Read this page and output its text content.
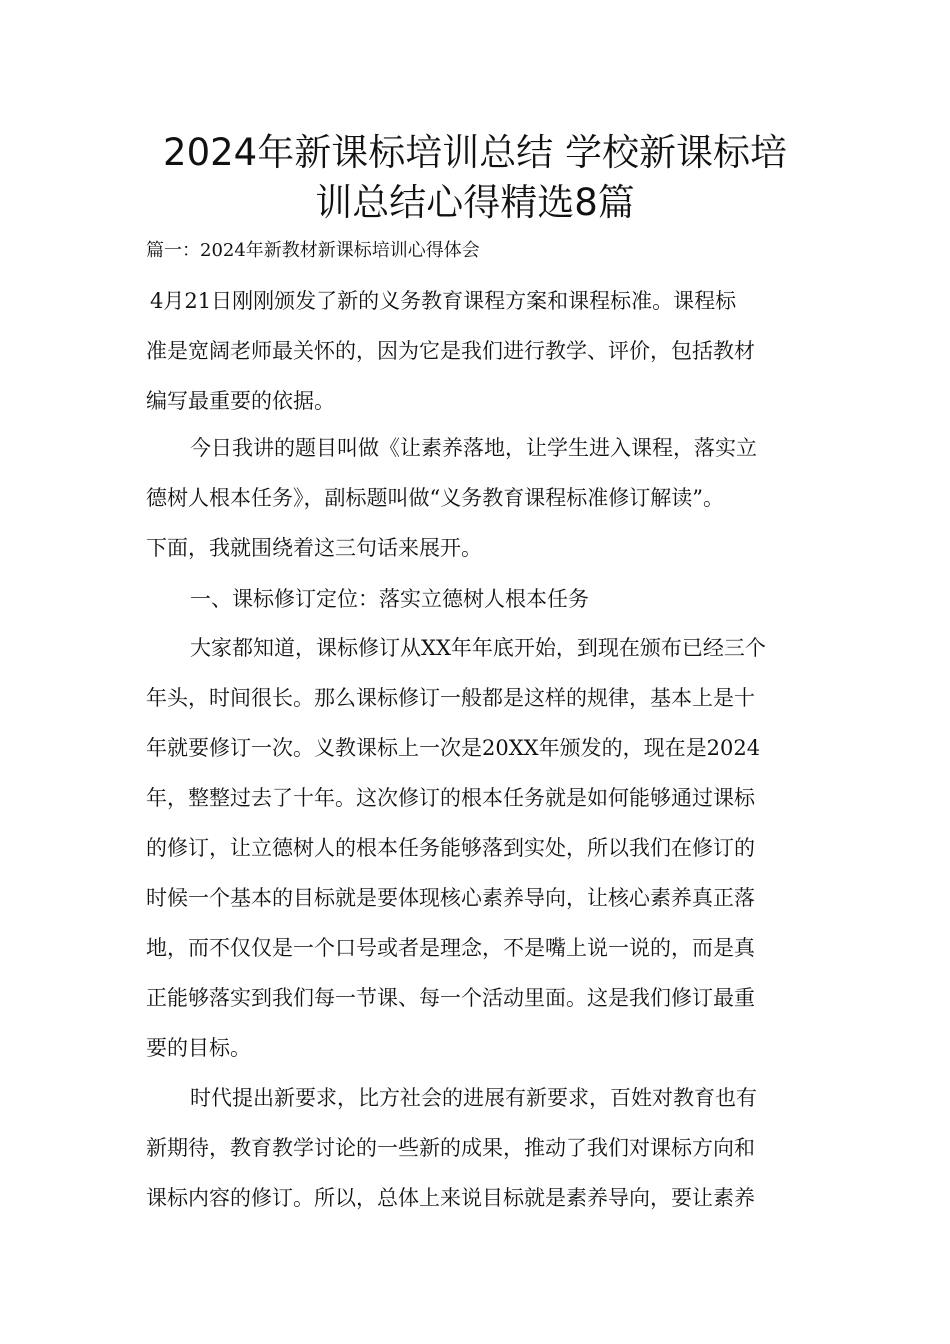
2024年新课标培训总结 学校新课标培
训总结心得精选8篇
篇一：2024年新教材新课标培训心得体会
4月21日刚刚颁发了新的义务教育课程方案和课程标准。课程标
准是宽阔老师最关怀的，因为它是我们进行教学、评价，包括教材
编写最重要的依据。
今日我讲的题目叫做《让素养落地，让学生进入课程，落实立
德树人根本任务》，副标题叫做“义务教育课程标准修订解读”。
下面，我就围绕着这三句话来展开。
一、课标修订定位：落实立德树人根本任务
大家都知道，课标修订从XX年年底开始，到现在颁布已经三个
年头，时间很长。那么课标修订一般都是这样的规律，基本上是十
年就要修订一次。义教课标上一次是20XX年颁发的，现在是2024
年，整整过去了十年。这次修订的根本任务就是如何能够通过课标
的修订，让立德树人的根本任务能够落到实处，所以我们在修订的
时候一个基本的目标就是要体现核心素养导向，让核心素养真正落
地，而不仅仅是一个口号或者是理念，不是嘴上说一说的，而是真
正能够落实到我们每一节课、每一个活动里面。这是我们修订最重
要的目标。
时代提出新要求，比方社会的进展有新要求，百姓对教育也有
新期待，教育教学讨论的一些新的成果，推动了我们对课标方向和
课标内容的修订。所以，总体上来说目标就是素养导向，要让素养
